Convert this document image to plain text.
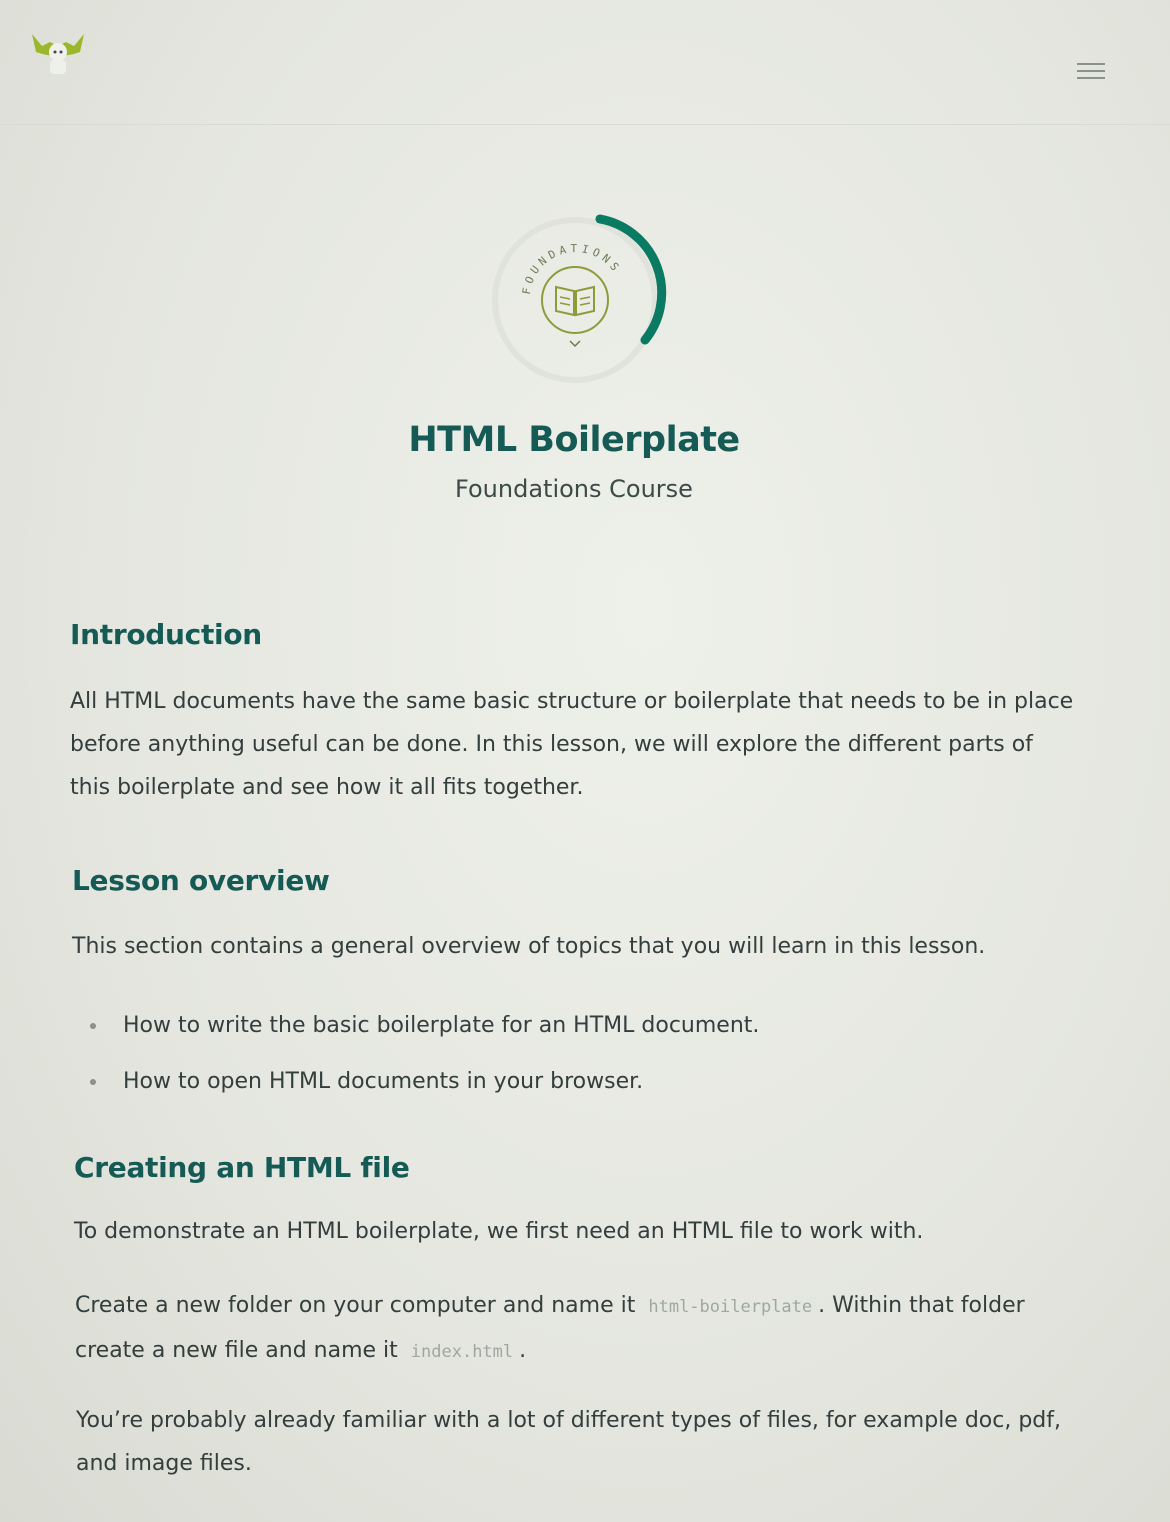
FOUNDATIONS
HTML Boilerplate
Foundations Course
Introduction

All HTML documents have the same basic structure or boilerplate that needs to be in place before anything useful can be done. In this lesson, we will explore the different parts of this boilerplate and see how it all fits together.

Lesson overview

This section contains a general overview of topics that you will learn in this lesson.

How to write the basic boilerplate for an HTML document.
How to open HTML documents in your browser.
Creating an HTML file

To demonstrate an HTML boilerplate, we first need an HTML file to work with.

Create a new folder on your computer and name it html-boilerplate . Within that folder create a new file and name it index.html .

You’re probably already familiar with a lot of different types of files, for example doc, pdf, and image files.
